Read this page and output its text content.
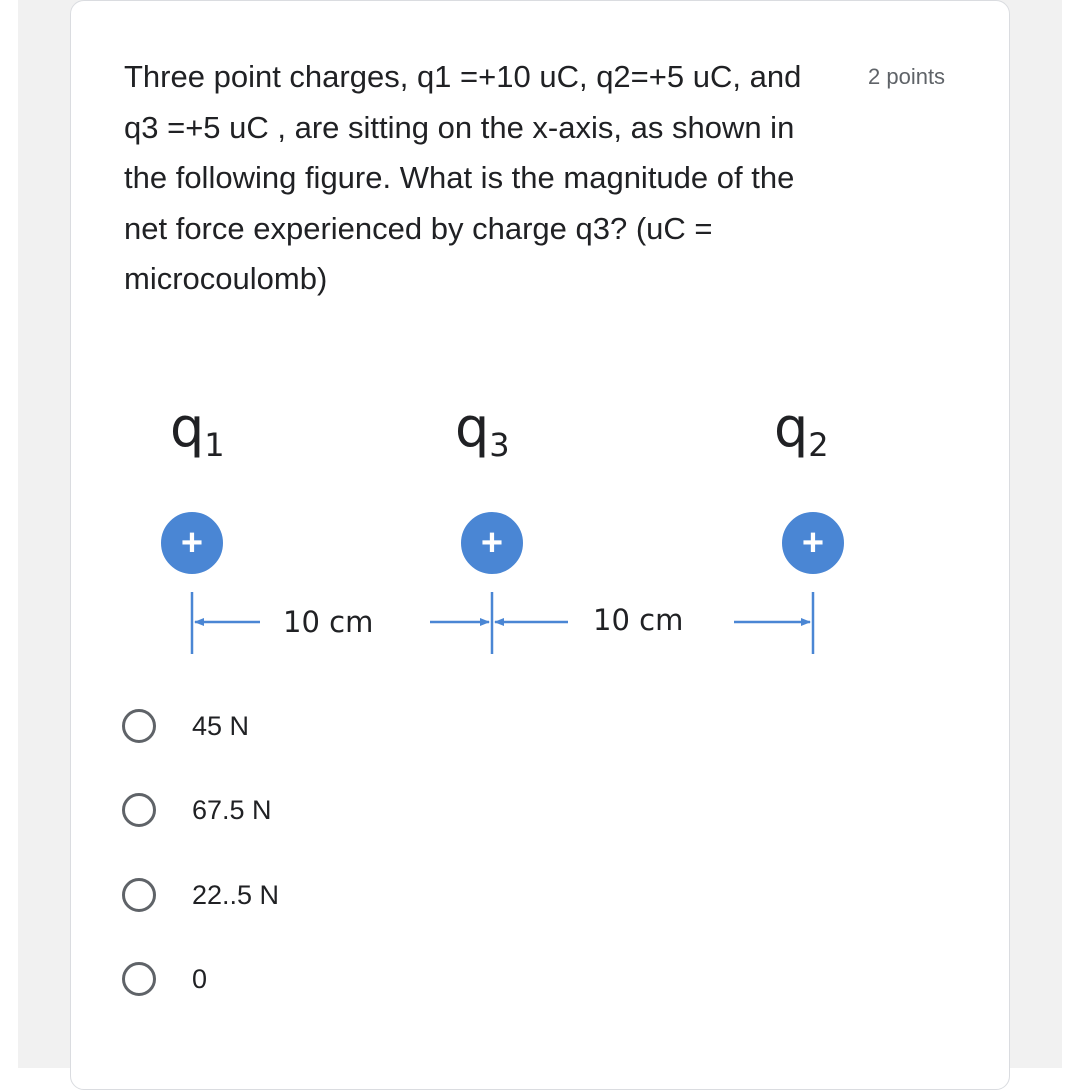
Three point charges, q1 =+10 uC, q2=+5 uC, and q3 =+5 uC , are sitting on the x-axis, as shown in the following figure. What is the magnitude of the net force experienced by charge q3? (uC = microcoulomb)

2 points
q1	q3	q2
+	+	+
10 cm	10 cm
45 N
67.5 N
22..5 N
0
